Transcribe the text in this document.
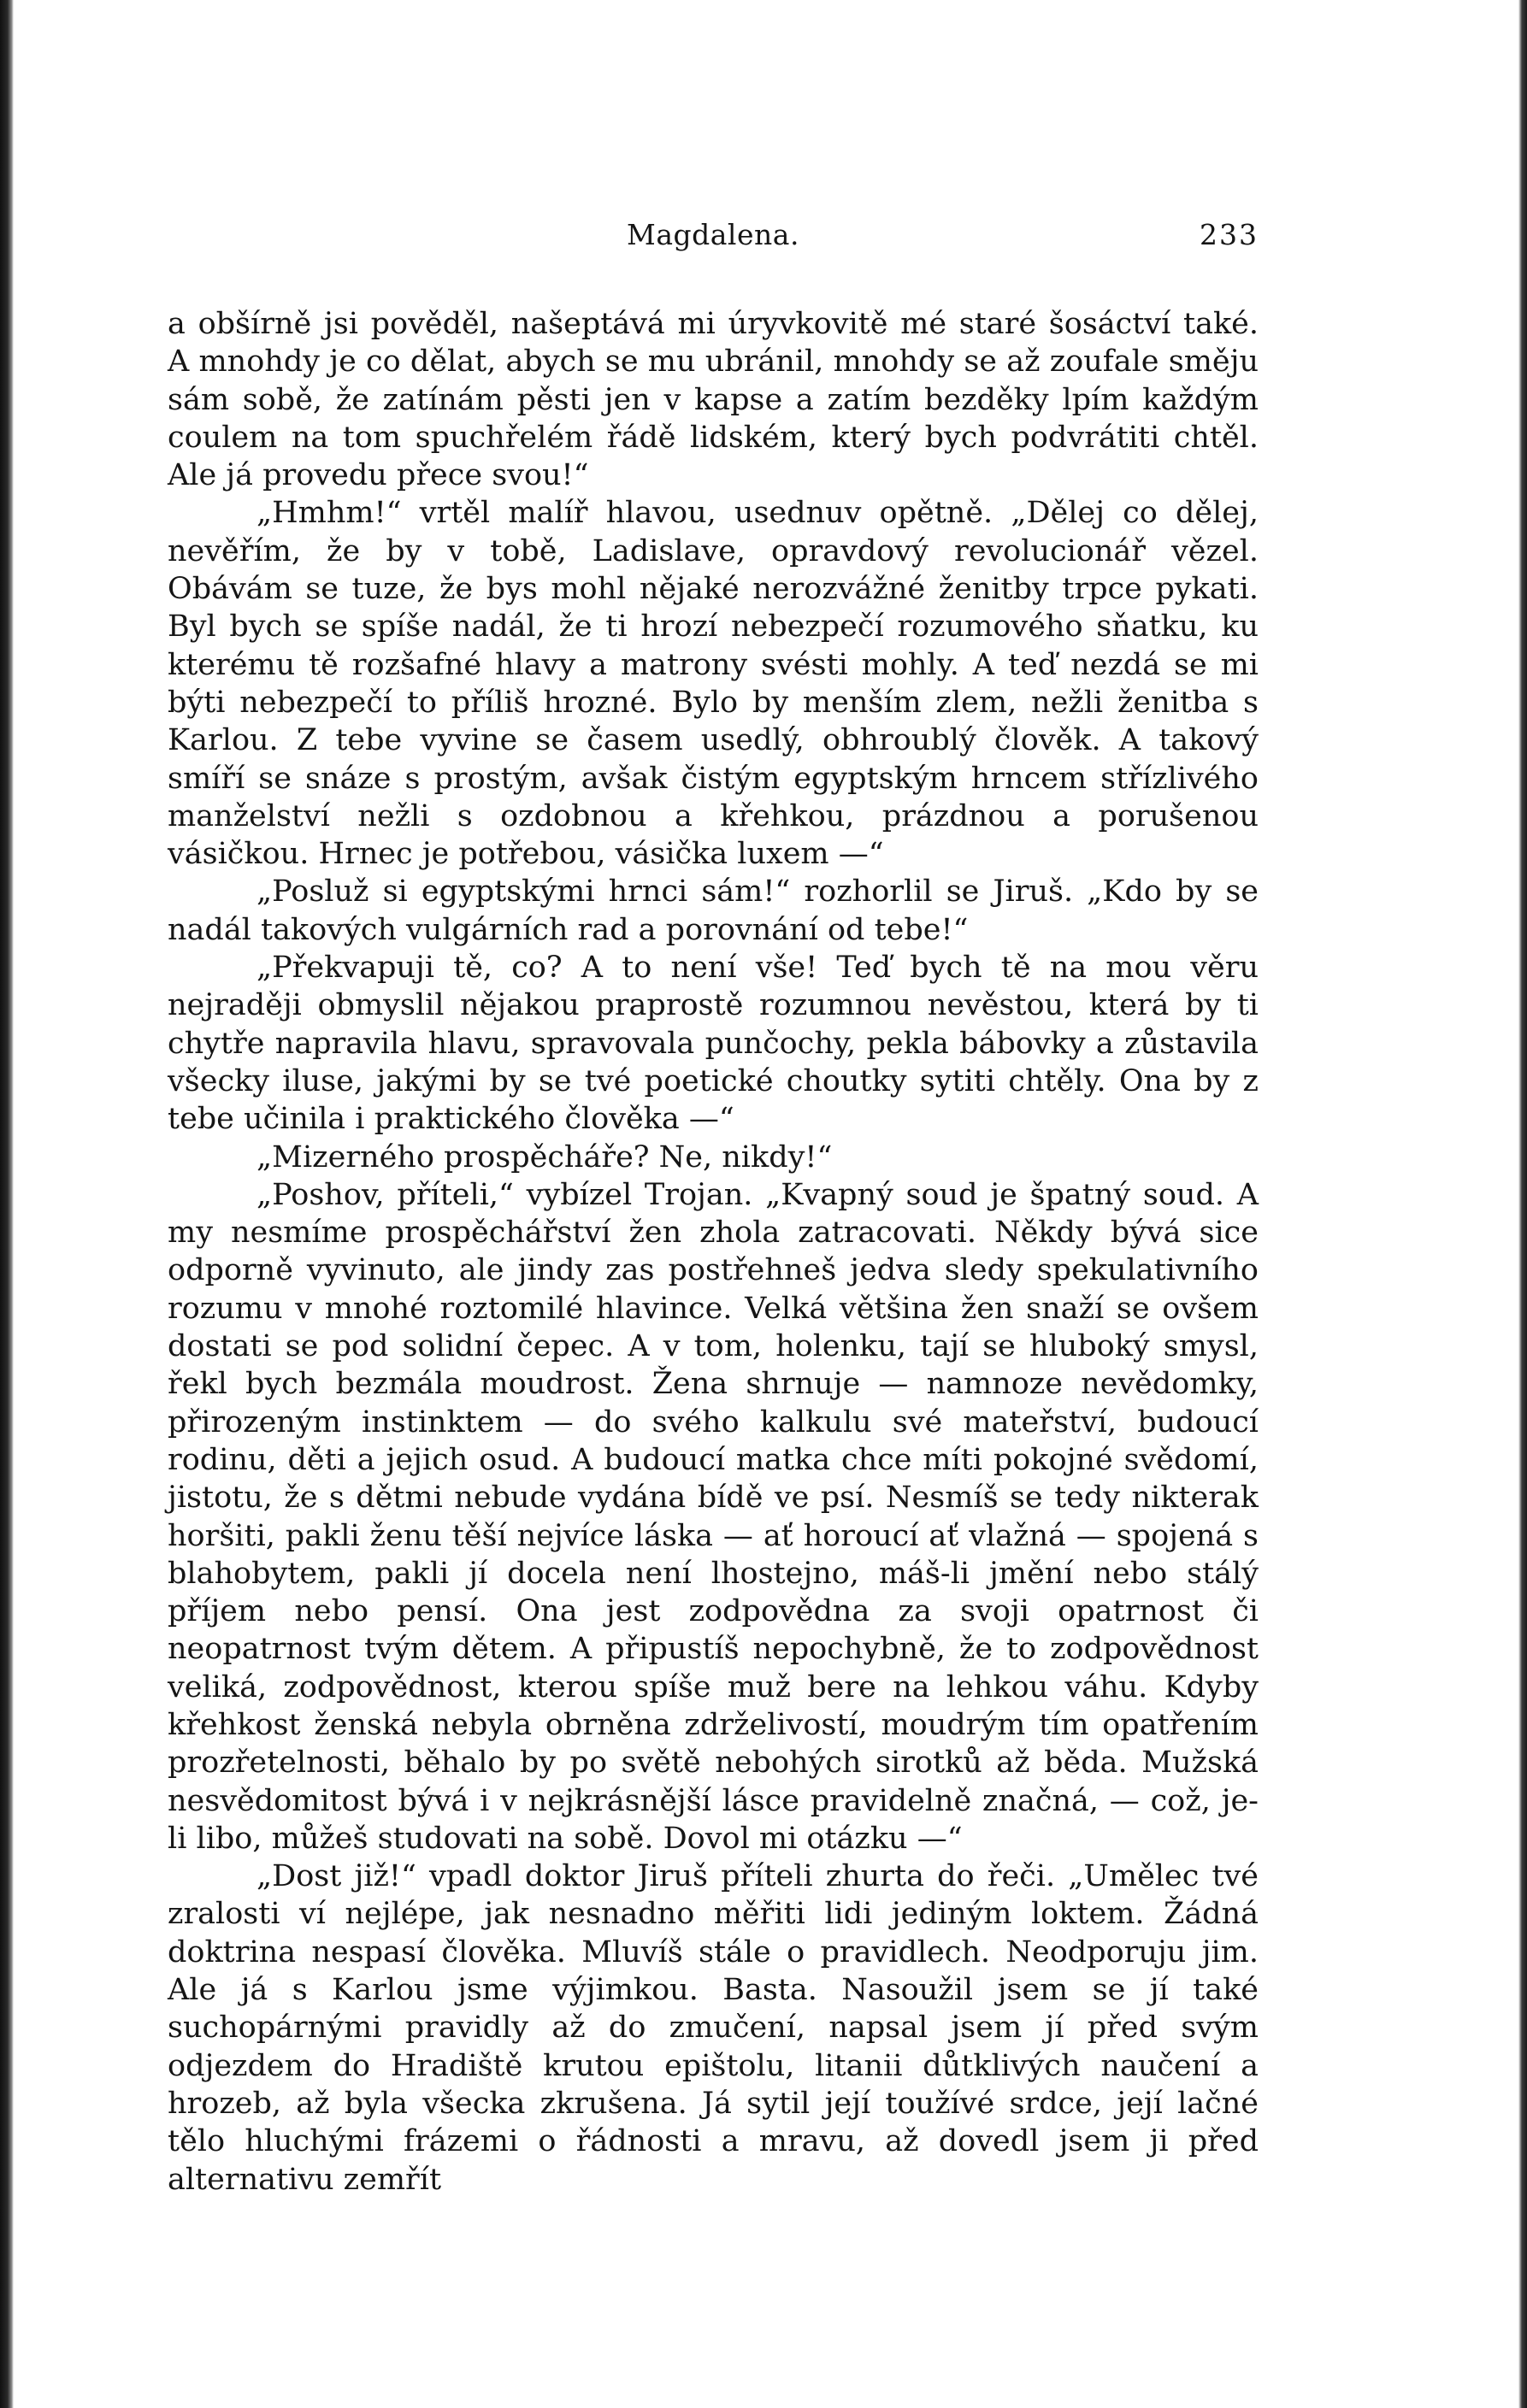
Magdalena.	233

a obšírně jsi pověděl, našeptává mi úryvkovitě mé staré šosáctví také. A mnohdy je co dělat, abych se mu ubránil, mnohdy se až zoufale směju sám sobě, že zatínám pěsti jen v kapse a zatím bezděky lpím každým coulem na tom spuchřelém řádě lidském, který bych podvrátiti chtěl. Ale já provedu přece svou!“

„Hmhm!“ vrtěl malíř hlavou, usednuv opětně. „Dělej co dělej, nevěřím, že by v tobě, Ladislave, opravdový revolucionář vězel. Obávám se tuze, že bys mohl nějaké nerozvážné ženitby trpce pykati. Byl bych se spíše nadál, že ti hrozí nebezpečí rozumového sňatku, ku kterému tě rozšafné hlavy a matrony svésti mohly. A teď nezdá se mi býti nebezpečí to příliš hrozné. Bylo by menším zlem, nežli ženitba s Karlou. Z tebe vyvine se časem usedlý, obhroublý člověk. A takový smíří se snáze s prostým, avšak čistým egyptským hrncem střízlivého manželství nežli s ozdobnou a křehkou, prázdnou a porušenou vásičkou. Hrnec je potřebou, vásička luxem —“

„Posluž si egyptskými hrnci sám!“ rozhorlil se Jiruš. „Kdo by se nadál takových vulgárních rad a porovnání od tebe!“

„Překvapuji tě, co? A to není vše! Teď bych tě na mou věru nejraději obmyslil nějakou praprostě rozumnou nevěstou, která by ti chytře napravila hlavu, spravovala punčochy, pekla bábovky a zůstavila všecky iluse, jakými by se tvé poetické choutky sytiti chtěly. Ona by z tebe učinila i praktického člověka —“

„Mizerného prospěcháře? Ne, nikdy!“

„Poshov, příteli,“ vybízel Trojan. „Kvapný soud je špatný soud. A my nesmíme prospěchářství žen zhola zatracovati. Někdy bývá sice odporně vyvinuto, ale jindy zas postřehneš jedva sledy spekulativního rozumu v mnohé roztomilé hlavince. Velká většina žen snaží se ovšem dostati se pod solidní čepec. A v tom, holenku, tají se hluboký smysl, řekl bych bezmála moudrost. Žena shrnuje — namnoze nevědomky, přirozeným instinktem — do svého kalkulu své mateřství, budoucí rodinu, děti a jejich osud. A budoucí matka chce míti pokojné svědomí, jistotu, že s dětmi nebude vydána bídě ve psí. Nesmíš se tedy nikterak horšiti, pakli ženu těší nejvíce láska — ať horoucí ať vlažná — spojená s blahobytem, pakli jí docela není lhostejno, máš-li jmění nebo stálý příjem nebo pensí. Ona jest zodpovědna za svoji opatrnost či neopatrnost tvým dětem. A připustíš nepochybně, že to zodpovědnost veliká, zodpovědnost, kterou spíše muž bere na lehkou váhu. Kdyby křehkost ženská nebyla obrněna zdrželivostí, moudrým tím opatřením prozřetelnosti, běhalo by po světě nebohých sirotků až běda. Mužská nesvědomitost bývá i v nejkrásnější lásce pravidelně značná, — což, je-li libo, můžeš studovati na sobě. Dovol mi otázku —“

„Dost již!“ vpadl doktor Jiruš příteli zhurta do řeči. „Umělec tvé zralosti ví nejlépe, jak nesnadno měřiti lidi jediným loktem. Žádná doktrina nespasí člověka. Mluvíš stále o pravidlech. Neodporuju jim. Ale já s Karlou jsme výjimkou. Basta. Nasoužil jsem se jí také suchopárnými pravidly až do zmučení, napsal jsem jí před svým odjezdem do Hradiště krutou epištolu, litanii důtklivých naučení a hrozeb, až byla všecka zkrušena. Já sytil její toužívé srdce, její lačné tělo hluchými frázemi o řádnosti a mravu, až dovedl jsem ji před alternativu zemřít
